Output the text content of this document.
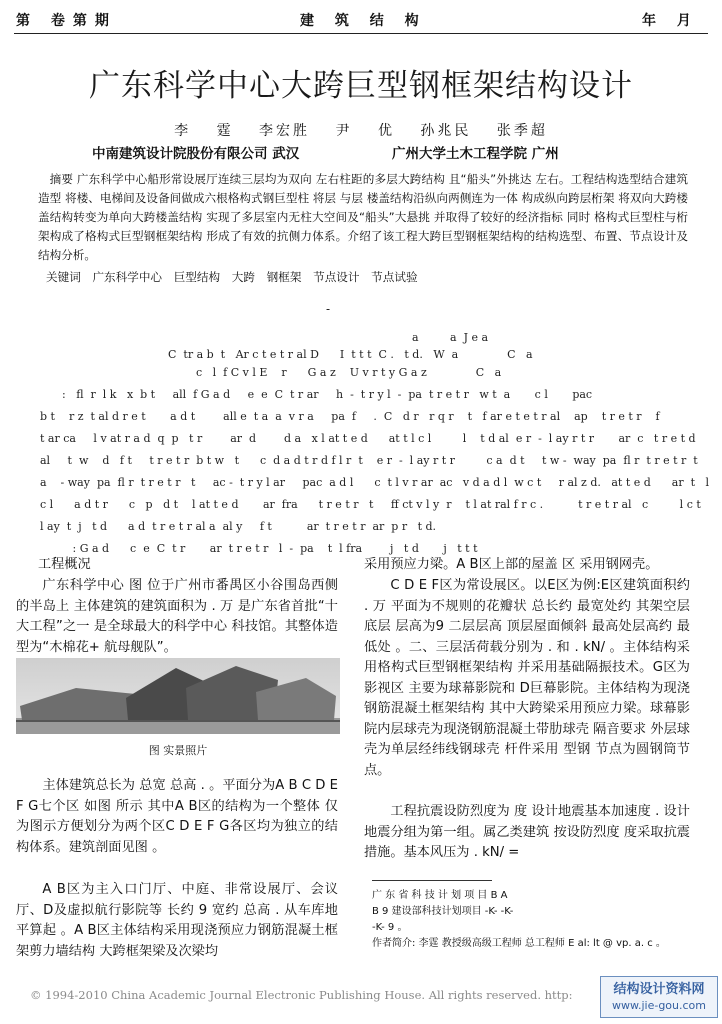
第 卷第期	建 筑 结 构	年 月
广东科学中心大跨巨型钢框架结构设计
李 霆 李宏胜 尹 优 孙兆民 张季超
中南建筑设计院股份有限公司 武汉	广州大学土木工程学院 广州
摘要 广东科学中心船形常设展厅连续三层均为双向 左右柱距的多层大跨结构 且“船头”外挑达 左右。工程结构选型结合建筑造型 将楼、电梯间及设备间做成六根格构式钢巨型柱 将层 与层 楼盖结构沿纵向两侧连为一体 构成纵向跨层桁架 将双向大跨楼盖结构转变为单向大跨楼盖结构 实现了多层室内无柱大空间及“船头”大悬挑 并取得了较好的经济指标 同时 格构式巨型柱与桁架构成了格构式巨型钢框架结构 形成了有效的抗侧力体系。介绍了该工程大跨巨型钢框架结构的结构选型、布置、节点设计及结构分析。
关键词 广东科学中心 巨型结构 大跨 钢框架 节点设计 节点试验
-
a         a  J e a
C  tr a b  t   Ar c t e t r al D      I  t t t  C .   t d.   W  a              C   a
c   l  f C v l E    r      G a z    U v r t y G a z              C   a
:   fl  r  l k   x  b t     all  f G a d     e  e  C  t r ar     h  -  t r y l  -  pa  t r e t r   w t  a       c l       pac
b t    r z  t al d r e t       a d t        all e  t a  a  v r a     pa  f     .  C   d r   r q r    t   f ar e t e t r al    ap    t r e t r    f
t ar ca     l v at r a d  q  p   t r        ar  d        d a   x l at t e d      at t l c l         l    t d al  e r  -  l ay r t r       ar  c   t r e t d
al     t  w    d   f t     t r e t r  b t w   t      c  d a d t r d f l r  t    e r  -  l ay r t r         c a  d t     t w -  way  pa  fl r  t r e t r  t
a    - way  pa  fl r  t r e t r   t     ac -  t r y l ar     pac  a d l      c  t l v r ar  ac   v d a d l  w c t     r al z d.   at t e d      ar  t   l
c l      a d t r      c   p   d t    l at t e d       ar  fra      t r e t r   t     ff ct v l y  r    t l at ral f r c .          t r e t r al   c         l c t
l ay  t  j   t d      a d  t r e t r al a  al y     f t          ar  t r e t r  ar  p r   t d.
: G a d      c  e  C  t r       ar  t r e t r   l  -  pa    t  l fra        j   t d       j   t t t
工程概况
广东科学中心 图 位于广州市番禺区小谷围岛西侧的半岛上 主体建筑的建筑面积为 . 万 是广东省首批“十大工程”之一 是全球最大的科学中心 科技馆。其整体造型为“木棉花+ 航母舰队”。
图 实景照片
主体建筑总长为 总宽 总高 . 。平面分为A B C D E F G七个区 如图 所示 其中A B区的结构为一个整体 仅为图示方便划分为两个区C D E F G各区均为独立的结构体系。建筑剖面见图 。
A B区为主入口门厅、中庭、非常设展厅、会议厅、D及虚拟航行影院等 长约 9 宽约 总高 . 从车库地平算起 。A B区主体结构采用现浇预应力钢筋混凝土框架剪力墙结构 大跨框架梁及次梁均
采用预应力梁。A B区上部的屋盖 区 采用钢网壳。
C D E F区为常设展区。以E区为例:E区建筑面积约 . 万 平面为不规则的花瓣状 总长约 最宽处约 其架空层 底层 层高为9 二层层高 顶层屋面倾斜 最高处层高约 最低处 。二、三层活荷载分别为 . 和 . kN/ 。主体结构采用格构式巨型钢框架结构 并采用基础隔振技术。G区为影视区 主要为球幕影院和 D巨幕影院。主体结构为现浇钢筋混凝土框架结构 其中大跨梁采用预应力梁。球幕影院内层球壳为现浇钢筋混凝土带肋球壳 隔音要求 外层球壳为单层经纬线钢球壳 杆件采用 型钢 节点为圆钢筒节点。
工程抗震设防烈度为 度 设计地震基本加速度 . 设计地震分组为第一组。属乙类建筑 按设防烈度 度采取抗震措施。基本风压为 . kN/ =
广 东 省 科 技 计 划 项 目 B A
B 9 建设部科技计划项目 -K- -K-
-K- 9 。
作者简介: 李霆 教授级高级工程师 总工程师 E al: lt @ vp. a. c 。
© 1994-2010 China Academic Journal Electronic Publishing House. All rights reserved. http:	结构设计资料网
www.jie-gou.com
